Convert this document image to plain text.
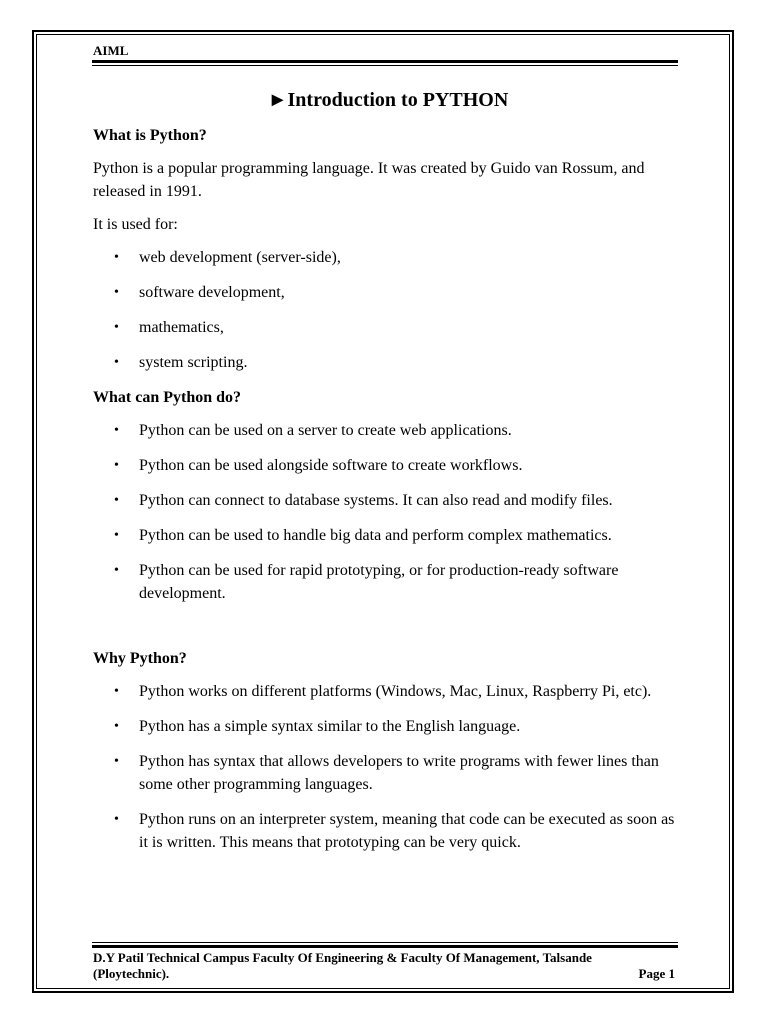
AIML
►Introduction to PYTHON
What is Python?
Python is a popular programming language. It was created by Guido van Rossum, and released in 1991.
It is used for:
• web development (server-side),
• software development,
• mathematics,
• system scripting.
What can Python do?
• Python can be used on a server to create web applications.
• Python can be used alongside software to create workflows.
• Python can connect to database systems. It can also read and modify files.
• Python can be used to handle big data and perform complex mathematics.
• Python can be used for rapid prototyping, or for production-ready software development.
Why Python?
• Python works on different platforms (Windows, Mac, Linux, Raspberry Pi, etc).
• Python has a simple syntax similar to the English language.
• Python has syntax that allows developers to write programs with fewer lines than some other programming languages.
• Python runs on an interpreter system, meaning that code can be executed as soon as it is written. This means that prototyping can be very quick.
D.Y Patil Technical Campus Faculty Of Engineering & Faculty Of Management, Talsande
(Ploytechnic).	Page 1
